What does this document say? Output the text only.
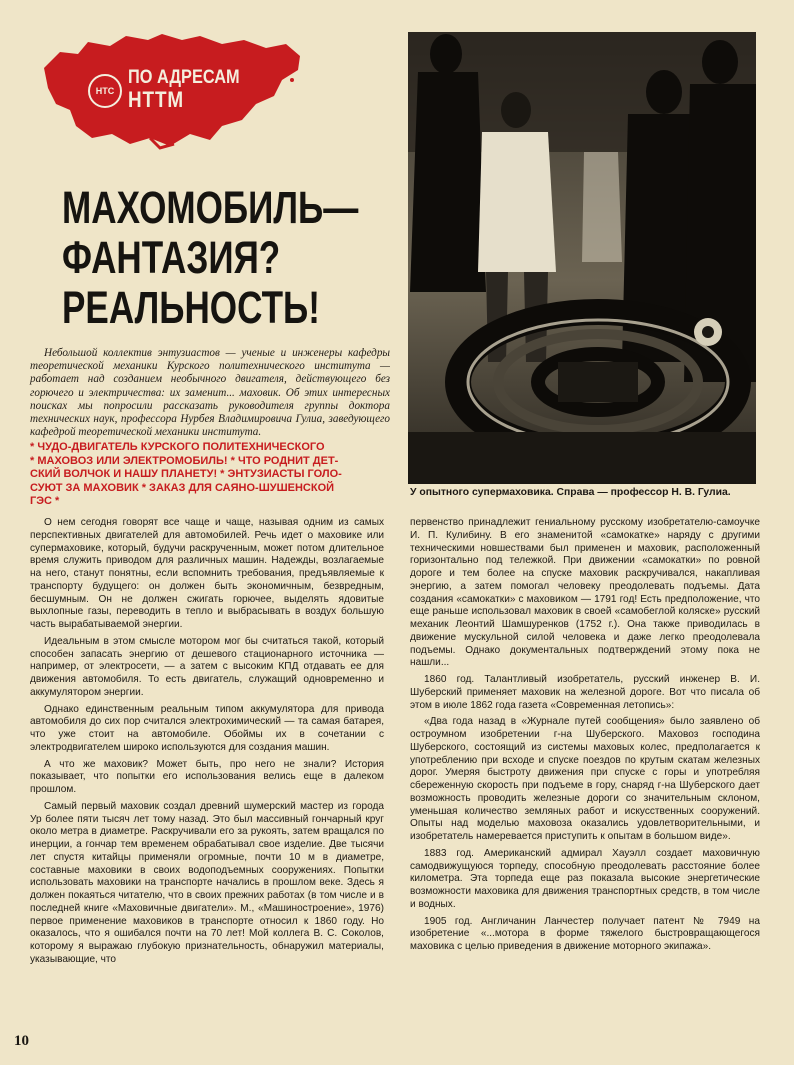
НТС
ПО АДРЕСАМ
НТТМ
МАХОМОБИЛЬ—
ФАНТАЗИЯ?
РЕАЛЬНОСТЬ!
Небольшой коллектив энтузиастов — ученые и инженеры кафедры теоретической механики Курского политехнического института — работает над созданием необычного двигателя, действующего без горючего и электричества: их заменит... маховик. Об этих интересных поисках мы попросили рассказать руководителя группы доктора технических наук, профессора Нурбея Владимировича Гулиа, заведующего кафедрой теоретической механики института.
* ЧУДО-ДВИГАТЕЛЬ КУРСКОГО ПОЛИТЕХНИЧЕСКОГО
* МАХОВОЗ ИЛИ ЭЛЕКТРОМОБИЛЬ! * ЧТО РОДНИТ ДЕТ-
СКИЙ ВОЛЧОК И НАШУ ПЛАНЕТУ! * ЭНТУЗИАСТЫ ГОЛО-
СУЮТ ЗА МАХОВИК * ЗАКАЗ ДЛЯ САЯНО-ШУШЕНСКОЙ
ГЭС *
У опытного супермаховика. Справа — профессор Н. В. Гулиа.

О нем сегодня говорят все чаще и чаще, называя одним из самых перспективных двигателей для автомобилей. Речь идет о маховике или супермаховике, который, будучи раскрученным, может потом длительное время служить приводом для различных машин. Надежды, возлагаемые на него, станут понятны, если вспомнить требования, предъявляемые к транспорту будущего: он должен быть экономичным, безвредным, бесшумным. Он не должен сжигать горючее, выделять ядовитые выхлопные газы, переводить в тепло и выбрасывать в воздух большую часть вырабатываемой энергии.

Идеальным в этом смысле мотором мог бы считаться такой, который способен запасать энергию от дешевого стационарного источника — например, от электросети, — а затем с высоким КПД отдавать ее для движения автомобиля. То есть двигатель, служащий одновременно и аккумулятором энергии.

Однако единственным реальным типом аккумулятора для привода автомобиля до сих пор считался электрохимический — та самая батарея, что уже стоит на автомобиле. Обоймы их в сочетании с электродвигателем широко используются для создания машин.

А что же маховик? Может быть, про него не знали? История показывает, что попытки его использования велись еще в далеком прошлом.

Самый первый маховик создал древний шумерский мастер из города Ур более пяти тысяч лет тому назад. Это был массивный гончарный круг около метра в диаметре. Раскручивали его за рукоять, затем вращался по инерции, а гончар тем временем обрабатывал свое изделие. Две тысячи лет спустя китайцы применяли огромные, почти 10 м в диаметре, составные маховики в своих водоподъемных сооружениях. Попытки использовать маховики на транспорте начались в прошлом веке. Здесь я должен покаяться читателю, что в своих прежних работах (в том числе и в последней книге «Маховичные двигатели». М., «Машиностроение», 1976) первое применение маховиков в транспорте относил к 1860 году. Но оказалось, что я ошибался почти на 70 лет! Мой коллега В. С. Соколов, которому я выражаю глубокую признательность, обнаружил материалы, указывающие, что

первенство принадлежит гениальному русскому изобретателю-самоучке И. П. Кулибину. В его знаменитой «самокатке» наряду с другими техническими новшествами был применен и маховик, расположенный горизонтально под тележкой. При движении «самокатки» по ровной дороге и тем более на спуске маховик раскручивался, накапливая энергию, а затем помогал человеку преодолевать подъемы. Дата создания «самокатки» с маховиком — 1791 год! Есть предположение, что еще раньше использовал маховик в своей «самобеглой коляске» русский механик Леонтий Шамшуренков (1752 г.). Она также приводилась в движение мускульной силой человека и даже легко преодолевала подъемы. Однако документальных подтверждений этому пока не нашли...

1860 год. Талантливый изобретатель, русский инженер В. И. Шуберский применяет маховик на железной дороге. Вот что писала об этом в июле 1862 года газета «Современная летопись»:

«Два года назад в «Журнале путей сообщения» было заявлено об остроумном изобретении г-на Шуберского. Маховоз господина Шуберского, состоящий из системы маховых колес, предполагается к употреблению при всходе и спуске поездов по крутым скатам железных дорог. Умеряя быстроту движения при спуске с горы и употребляя сбереженную скорость при подъеме в гору, снаряд г-на Шуберского дает возможность проводить железные дороги со значительным склоном, уменьшая количество земляных работ и искусственных сооружений. Опыты над моделью маховоза оказались удовлетворительными, и изобретатель намеревается приступить к опытам в большом виде».

1883 год. Американский адмирал Хауэлл создает маховичную самодвижущуюся торпеду, способную преодолевать расстояние более километра. Эта торпеда еще раз показала высокие энергетические возможности маховика для движения транспортных средств, в том числе и водных.

1905 год. Англичанин Ланчестер получает патент № 7949 на изобретение «...мотора в форме тяжелого быстровращающегося маховика с целью приведения в движение моторного экипажа».

10
